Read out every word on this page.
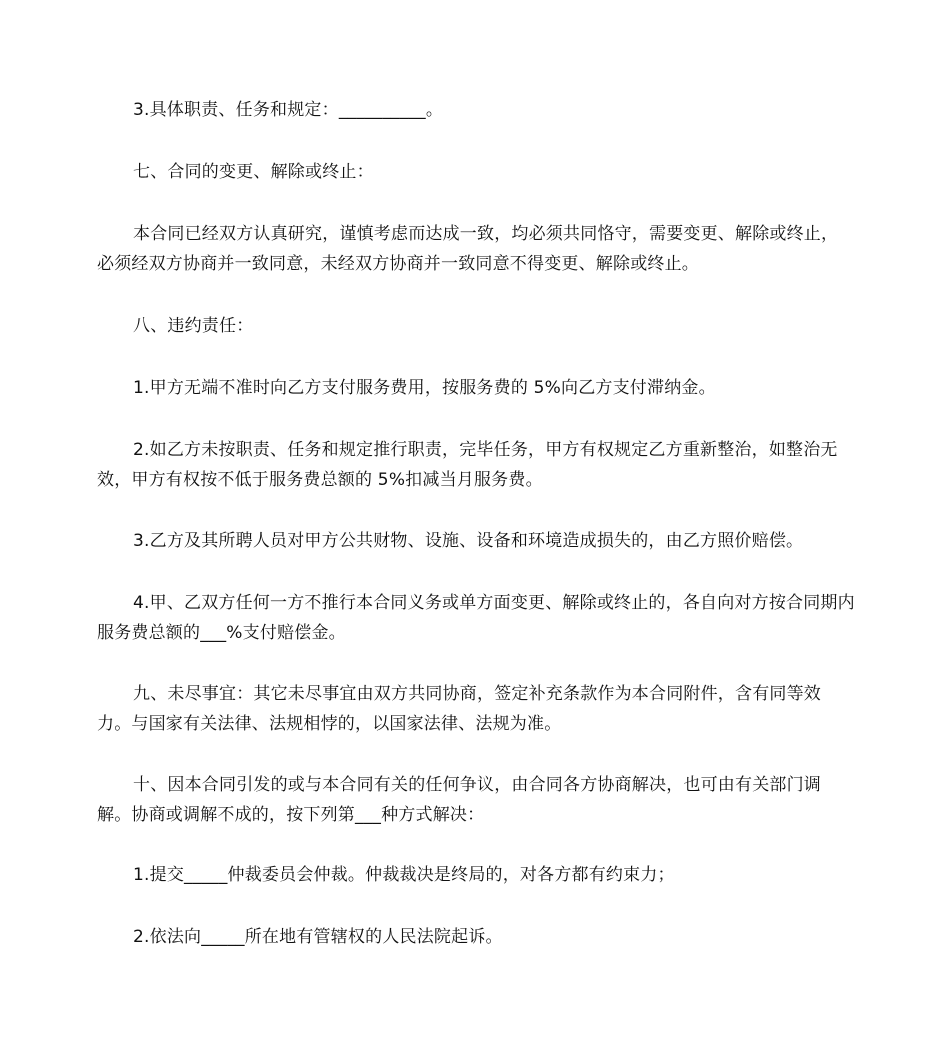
3.具体职责、任务和规定：__________。

七、合同的变更、解除或终止：

本合同已经双方认真研究，谨慎考虑而达成一致，均必须共同恪守，需要变更、解除或终止，必须经双方协商并一致同意，未经双方协商并一致同意不得变更、解除或终止。

八、违约责任：

1.甲方无端不准时向乙方支付服务费用，按服务费的 5%向乙方支付滞纳金。

2.如乙方未按职责、任务和规定推行职责，完毕任务，甲方有权规定乙方重新整治，如整治无效，甲方有权按不低于服务费总额的 5%扣减当月服务费。

3.乙方及其所聘人员对甲方公共财物、设施、设备和环境造成损失的，由乙方照价赔偿。

4.甲、乙双方任何一方不推行本合同义务或单方面变更、解除或终止的，各自向对方按合同期内服务费总额的___%支付赔偿金。

九、未尽事宜：其它未尽事宜由双方共同协商，签定补充条款作为本合同附件，含有同等效力。与国家有关法律、法规相悖的，以国家法律、法规为准。

十、因本合同引发的或与本合同有关的任何争议，由合同各方协商解决，也可由有关部门调解。协商或调解不成的，按下列第___种方式解决：

1.提交_____仲裁委员会仲裁。仲裁裁决是终局的，对各方都有约束力；

2.依法向_____所在地有管辖权的人民法院起诉。
